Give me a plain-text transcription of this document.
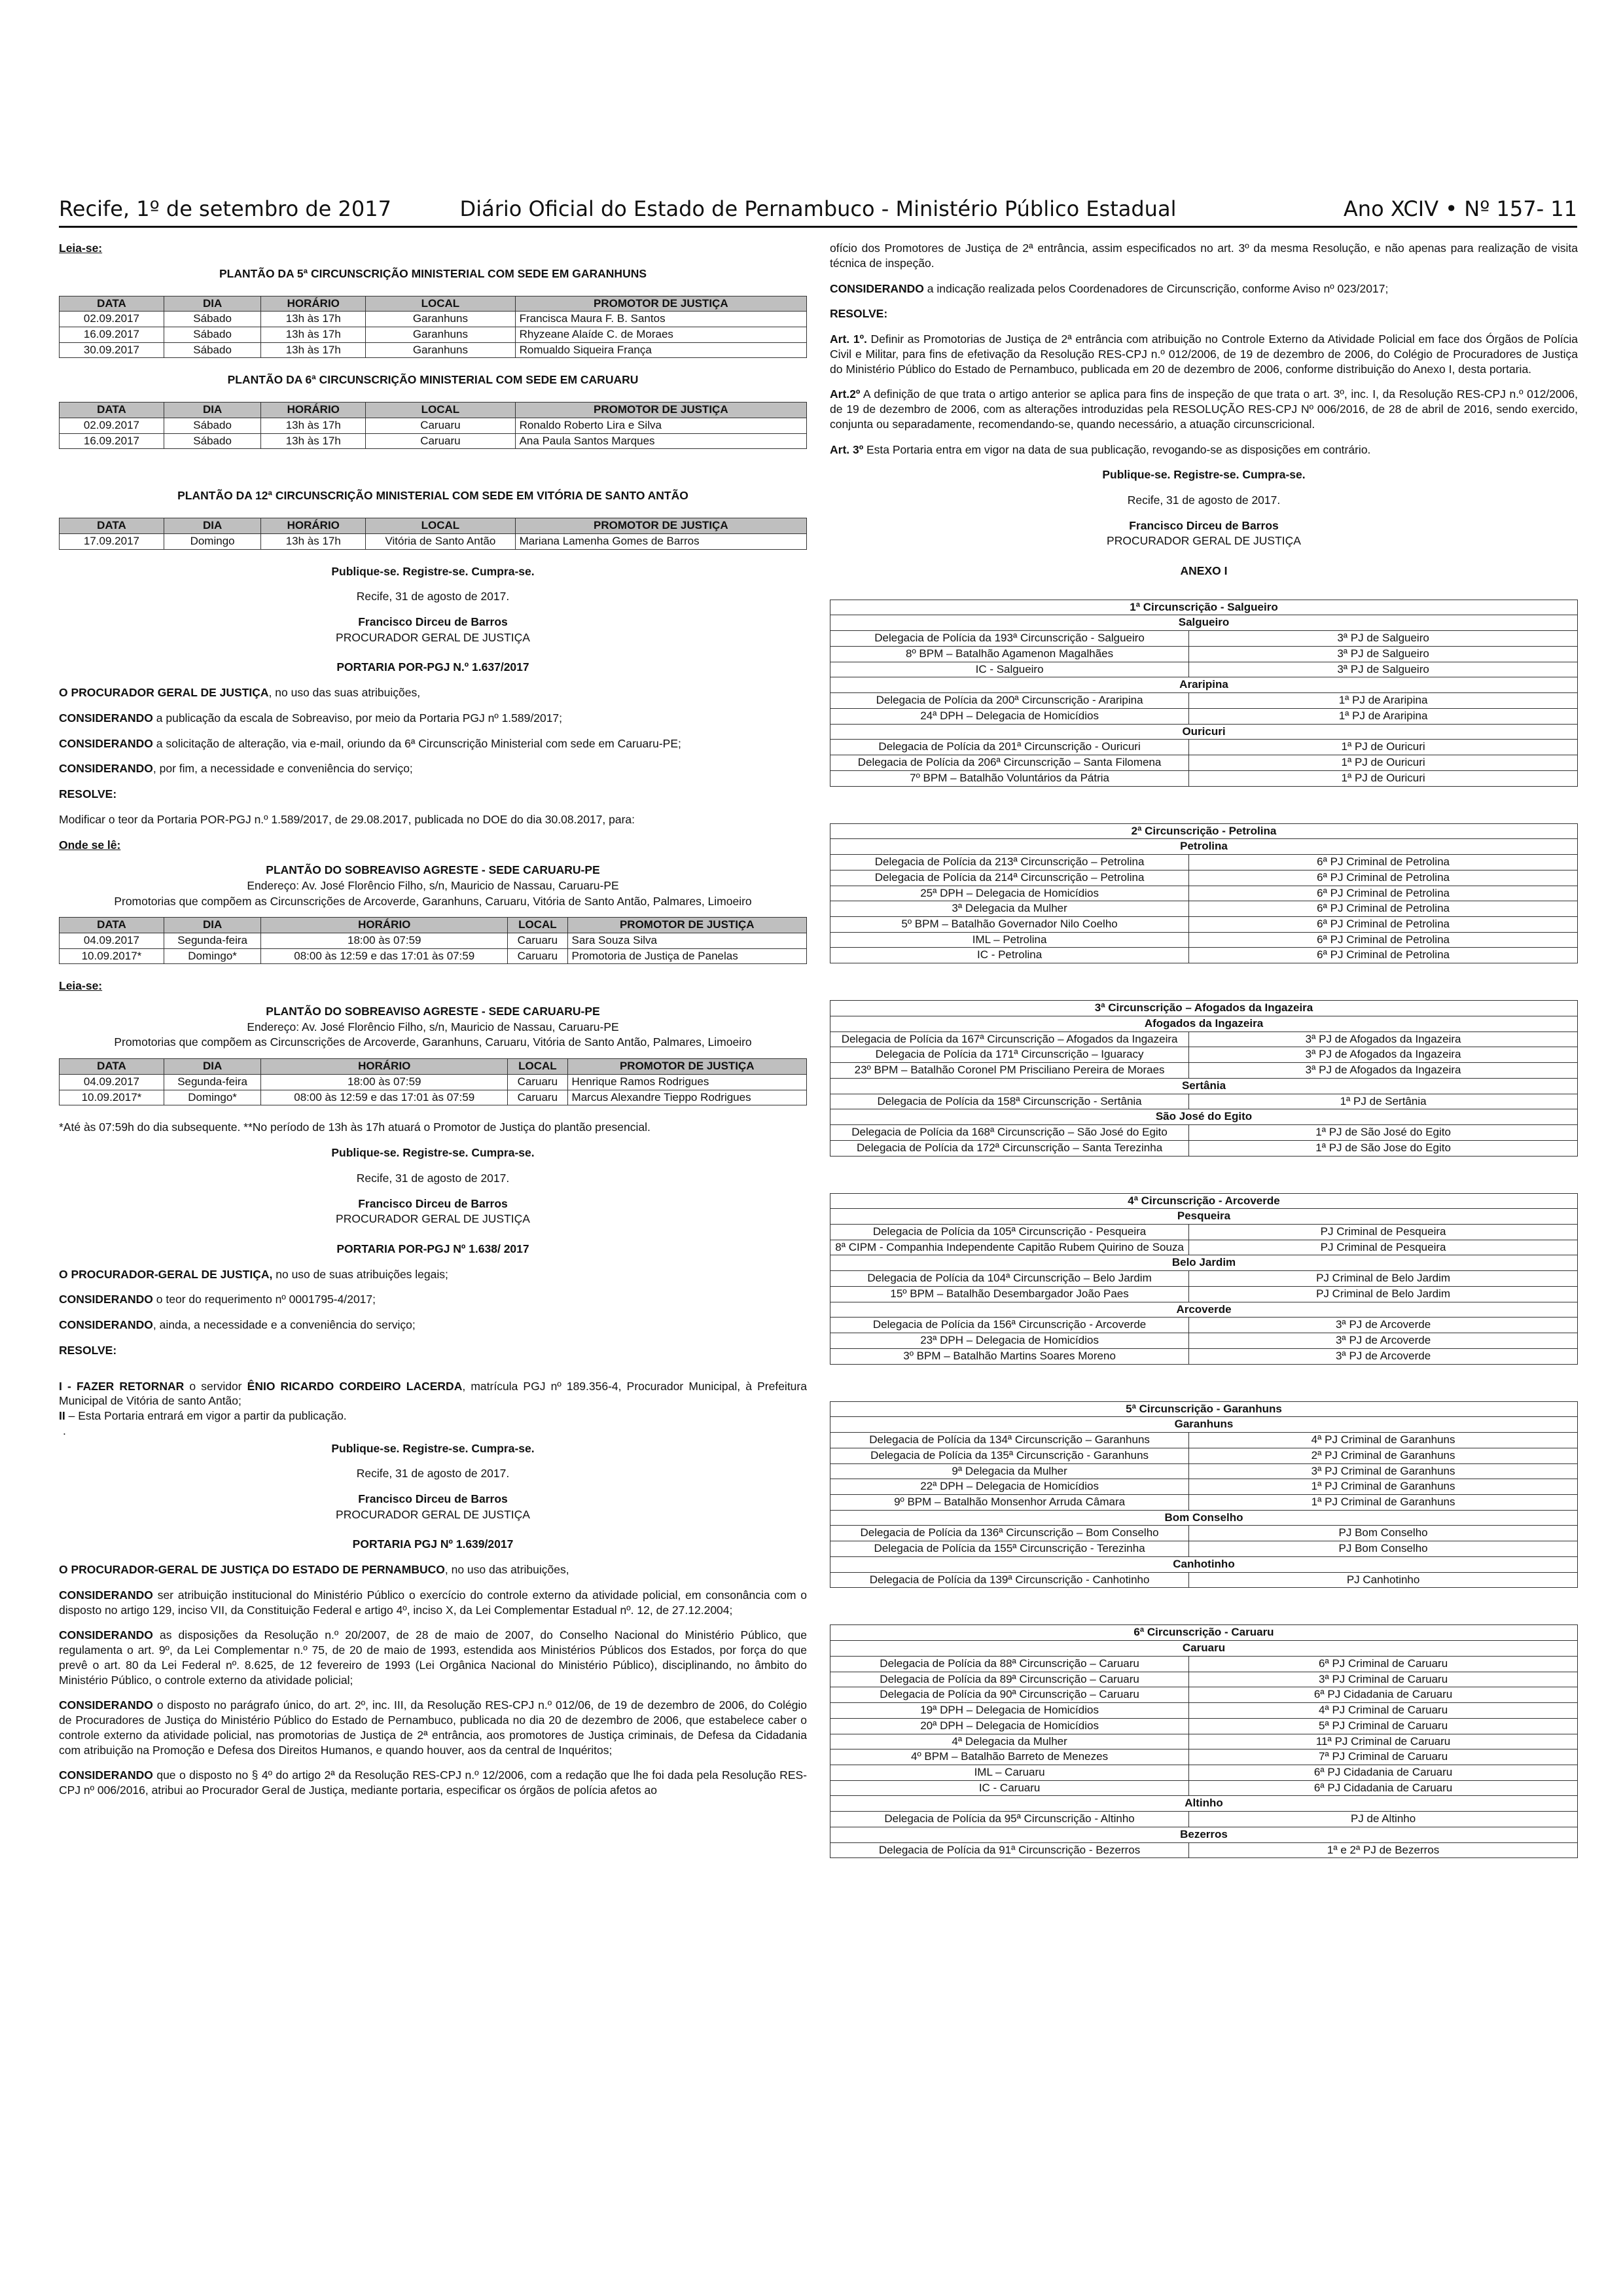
Recife, 1º de setembro de 2017	Diário Oficial do Estado de Pernambuco - Ministério Público Estadual	Ano XCIV • Nº 157- 11

Leia-se:

PLANTÃO DA 5ª CIRCUNSCRIÇÃO MINISTERIAL COM SEDE EM GARANHUNS
DATA	DIA	HORÁRIO	LOCAL	PROMOTOR DE JUSTIÇA
02.09.2017	Sábado	13h às 17h	Garanhuns	Francisca Maura F. B. Santos
16.09.2017	Sábado	13h às 17h	Garanhuns	Rhyzeane Alaíde C. de Moraes
30.09.2017	Sábado	13h às 17h	Garanhuns	Romualdo Siqueira França
PLANTÃO DA 6ª CIRCUNSCRIÇÃO MINISTERIAL COM SEDE EM CARUARU
DATA	DIA	HORÁRIO	LOCAL	PROMOTOR DE JUSTIÇA
02.09.2017	Sábado	13h às 17h	Caruaru	Ronaldo Roberto Lira e Silva
16.09.2017	Sábado	13h às 17h	Caruaru	Ana Paula Santos Marques
PLANTÃO DA 12ª CIRCUNSCRIÇÃO MINISTERIAL COM SEDE EM VITÓRIA DE SANTO ANTÃO
DATA	DIA	HORÁRIO	LOCAL	PROMOTOR DE JUSTIÇA
17.09.2017	Domingo	13h às 17h	Vitória de Santo Antão	Mariana Lamenha Gomes de Barros

Publique-se. Registre-se. Cumpra-se.

Recife, 31 de agosto de 2017.

Francisco Dirceu de Barros
PROCURADOR GERAL DE JUSTIÇA

PORTARIA POR-PGJ N.º 1.637/2017

O PROCURADOR GERAL DE JUSTIÇA, no uso das suas atribuições,

CONSIDERANDO a publicação da escala de Sobreaviso, por meio da Portaria PGJ nº 1.589/2017;

CONSIDERANDO a solicitação de alteração, via e-mail, oriundo da 6ª Circunscrição Ministerial com sede em Caruaru-PE;

CONSIDERANDO, por fim, a necessidade e conveniência do serviço;

RESOLVE:

Modificar o teor da Portaria POR-PGJ n.º 1.589/2017, de 29.08.2017, publicada no DOE do dia 30.08.2017, para:

Onde se lê:

PLANTÃO DO SOBREAVISO AGRESTE - SEDE CARUARU-PE
Endereço: Av. José Florêncio Filho, s/n, Mauricio de Nassau, Caruaru-PE
Promotorias que compõem as Circunscrições de Arcoverde, Garanhuns, Caruaru, Vitória de Santo Antão, Palmares, Limoeiro
DATA	DIA	HORÁRIO	LOCAL	PROMOTOR DE JUSTIÇA
04.09.2017	Segunda-feira	18:00 às 07:59	Caruaru	Sara Souza Silva
10.09.2017*	Domingo*	08:00 às 12:59 e das 17:01 às 07:59	Caruaru	Promotoria de Justiça de Panelas

Leia-se:

PLANTÃO DO SOBREAVISO AGRESTE - SEDE CARUARU-PE
Endereço: Av. José Florêncio Filho, s/n, Mauricio de Nassau, Caruaru-PE
Promotorias que compõem as Circunscrições de Arcoverde, Garanhuns, Caruaru, Vitória de Santo Antão, Palmares, Limoeiro
DATA	DIA	HORÁRIO	LOCAL	PROMOTOR DE JUSTIÇA
04.09.2017	Segunda-feira	18:00 às 07:59	Caruaru	Henrique Ramos Rodrigues
10.09.2017*	Domingo*	08:00 às 12:59 e das 17:01 às 07:59	Caruaru	Marcus Alexandre Tieppo Rodrigues

*Até às 07:59h do dia subsequente. **No período de 13h às 17h atuará o Promotor de Justiça do plantão presencial.

Publique-se. Registre-se. Cumpra-se.

Recife, 31 de agosto de 2017.

Francisco Dirceu de Barros
PROCURADOR GERAL DE JUSTIÇA

PORTARIA POR-PGJ Nº 1.638/ 2017

O PROCURADOR-GERAL DE JUSTIÇA, no uso de suas atribuições legais;

CONSIDERANDO o teor do requerimento nº 0001795-4/2017;

CONSIDERANDO, ainda, a necessidade e a conveniência do serviço;

RESOLVE:

I - FAZER RETORNAR o servidor ÊNIO RICARDO CORDEIRO LACERDA, matrícula PGJ nº 189.356-4, Procurador Municipal, à Prefeitura Municipal de Vitória de santo Antão;

II – Esta Portaria entrará em vigor a partir da publicação.

.

Publique-se. Registre-se. Cumpra-se.

Recife, 31 de agosto de 2017.

Francisco Dirceu de Barros
PROCURADOR GERAL DE JUSTIÇA

PORTARIA PGJ Nº 1.639/2017

O PROCURADOR-GERAL DE JUSTIÇA DO ESTADO DE PERNAMBUCO, no uso das atribuições,

CONSIDERANDO ser atribuição institucional do Ministério Público o exercício do controle externo da atividade policial, em consonância com o disposto no artigo 129, inciso VII, da Constituição Federal e artigo 4º, inciso X, da Lei Complementar Estadual nº. 12, de 27.12.2004;

CONSIDERANDO as disposições da Resolução n.º 20/2007, de 28 de maio de 2007, do Conselho Nacional do Ministério Público, que regulamenta o art. 9º, da Lei Complementar n.º 75, de 20 de maio de 1993, estendida aos Ministérios Públicos dos Estados, por força do que prevê o art. 80 da Lei Federal nº. 8.625, de 12 fevereiro de 1993 (Lei Orgânica Nacional do Ministério Público), disciplinando, no âmbito do Ministério Público, o controle externo da atividade policial;

CONSIDERANDO o disposto no parágrafo único, do art. 2º, inc. III, da Resolução RES-CPJ n.º 012/06, de 19 de dezembro de 2006, do Colégio de Procuradores de Justiça do Ministério Público do Estado de Pernambuco, publicada no dia 20 de dezembro de 2006, que estabelece caber o controle externo da atividade policial, nas promotorias de Justiça de 2ª entrância, aos promotores de Justiça criminais, de Defesa da Cidadania com atribuição na Promoção e Defesa dos Direitos Humanos, e quando houver, aos da central de Inquéritos;

CONSIDERANDO que o disposto no § 4º do artigo 2ª da Resolução RES-CPJ n.º 12/2006, com a redação que lhe foi dada pela Resolução RES-CPJ nº 006/2016, atribui ao Procurador Geral de Justiça, mediante portaria, especificar os órgãos de polícia afetos ao

ofício dos Promotores de Justiça de 2ª entrância, assim especificados no art. 3º da mesma Resolução, e não apenas para realização de visita técnica de inspeção.

CONSIDERANDO a indicação realizada pelos Coordenadores de Circunscrição, conforme Aviso nº 023/2017;

RESOLVE:

Art. 1º. Definir as Promotorias de Justiça de 2ª entrância com atribuição no Controle Externo da Atividade Policial em face dos Órgãos de Polícia Civil e Militar, para fins de efetivação da Resolução RES-CPJ n.º 012/2006, de 19 de dezembro de 2006, do Colégio de Procuradores de Justiça do Ministério Público do Estado de Pernambuco, publicada em 20 de dezembro de 2006, conforme distribuição do Anexo I, desta portaria.

Art.2º A definição de que trata o artigo anterior se aplica para fins de inspeção de que trata o art. 3º, inc. I, da Resolução RES-CPJ n.º 012/2006, de 19 de dezembro de 2006, com as alterações introduzidas pela RESOLUÇÃO RES-CPJ Nº 006/2016, de 28 de abril de 2016, sendo exercido, conjunta ou separadamente, recomendando-se, quando necessário, a atuação circunscricional.

Art. 3º Esta Portaria entra em vigor na data de sua publicação, revogando-se as disposições em contrário.

Publique-se. Registre-se. Cumpra-se.

Recife, 31 de agosto de 2017.

Francisco Dirceu de Barros
PROCURADOR GERAL DE JUSTIÇA

ANEXO I

1ª Circunscrição - Salgueiro	
Salgueiro	
Delegacia de Polícia da 193ª Circunscrição - Salgueiro	3ª PJ de Salgueiro
8º BPM – Batalhão Agamenon Magalhães	3ª PJ de Salgueiro
IC - Salgueiro	3ª PJ de Salgueiro
Araripina	
Delegacia de Polícia da 200ª Circunscrição - Araripina	1ª PJ de Araripina
24ª DPH – Delegacia de Homicídios	1ª PJ de Araripina
Ouricuri	
Delegacia de Polícia da 201ª Circunscrição - Ouricuri	1ª PJ de Ouricuri
Delegacia de Polícia da 206ª Circunscrição – Santa Filomena	1ª PJ de Ouricuri
7º BPM – Batalhão Voluntários da Pátria	1ª PJ de Ouricuri
2ª Circunscrição - Petrolina	
Petrolina	
Delegacia de Polícia da 213ª Circunscrição – Petrolina	6ª PJ Criminal de Petrolina
Delegacia de Polícia da 214ª Circunscrição – Petrolina	6ª PJ Criminal de Petrolina
25ª DPH – Delegacia de Homicídios	6ª PJ Criminal de Petrolina
3ª Delegacia da Mulher	6ª PJ Criminal de Petrolina
5º BPM – Batalhão Governador Nilo Coelho	6ª PJ Criminal de Petrolina
IML – Petrolina	6ª PJ Criminal de Petrolina
IC - Petrolina	6ª PJ Criminal de Petrolina
3ª Circunscrição – Afogados da Ingazeira	
Afogados da Ingazeira	
Delegacia de Polícia da 167ª Circunscrição – Afogados da Ingazeira	3ª PJ de Afogados da Ingazeira
Delegacia de Polícia da 171ª Circunscrição – Iguaracy	3ª PJ de Afogados da Ingazeira
23º BPM – Batalhão Coronel PM Prisciliano Pereira de Moraes	3ª PJ de Afogados da Ingazeira
Sertânia	
Delegacia de Polícia da 158ª Circunscrição - Sertânia	1ª PJ de Sertânia
São José do Egito	
Delegacia de Polícia da 168ª Circunscrição – São José do Egito	1ª PJ de São José do Egito
Delegacia de Polícia da 172ª Circunscrição – Santa Terezinha	1ª PJ de São Jose do Egito
4ª Circunscrição - Arcoverde	
Pesqueira	
Delegacia de Polícia da 105ª Circunscrição - Pesqueira	PJ Criminal de Pesqueira
8ª CIPM - Companhia Independente Capitão Rubem Quirino de Souza	PJ Criminal de Pesqueira
Belo Jardim	
Delegacia de Polícia da 104ª Circunscrição – Belo Jardim	PJ Criminal de Belo Jardim
15º BPM – Batalhão Desembargador João Paes	PJ Criminal de Belo Jardim
Arcoverde	
Delegacia de Polícia da 156ª Circunscrição - Arcoverde	3ª PJ de Arcoverde
23ª DPH – Delegacia de Homicídios	3ª PJ de Arcoverde
3º BPM – Batalhão Martins Soares Moreno	3ª PJ de Arcoverde
5ª Circunscrição - Garanhuns	
Garanhuns	
Delegacia de Polícia da 134ª Circunscrição – Garanhuns	4ª PJ Criminal de Garanhuns
Delegacia de Polícia da 135ª Circunscrição - Garanhuns	2ª PJ Criminal de Garanhuns
9ª Delegacia da Mulher	3ª PJ Criminal de Garanhuns
22ª DPH – Delegacia de Homicídios	1ª PJ Criminal de Garanhuns
9º BPM – Batalhão Monsenhor Arruda Câmara	1ª PJ Criminal de Garanhuns
Bom Conselho	
Delegacia de Polícia da 136ª Circunscrição – Bom Conselho	PJ Bom Conselho
Delegacia de Polícia da 155ª Circunscrição - Terezinha	PJ Bom Conselho
Canhotinho	
Delegacia de Polícia da 139ª Circunscrição - Canhotinho	PJ Canhotinho
6ª Circunscrição - Caruaru	
Caruaru	
Delegacia de Polícia da 88ª Circunscrição – Caruaru	6ª PJ Criminal de Caruaru
Delegacia de Polícia da 89ª Circunscrição – Caruaru	3ª PJ Criminal de Caruaru
Delegacia de Polícia da 90ª Circunscrição – Caruaru	6ª PJ Cidadania de Caruaru
19ª DPH – Delegacia de Homicídios	4ª PJ Criminal de Caruaru
20ª DPH – Delegacia de Homicídios	5ª PJ Criminal de Caruaru
4ª Delegacia da Mulher	11ª PJ Criminal de Caruaru
4º BPM – Batalhão Barreto de Menezes	7ª PJ Criminal de Caruaru
IML – Caruaru	6ª PJ Cidadania de Caruaru
IC - Caruaru	6ª PJ Cidadania de Caruaru
Altinho	
Delegacia de Polícia da 95ª Circunscrição - Altinho	PJ de Altinho
Bezerros	
Delegacia de Polícia da 91ª Circunscrição - Bezerros	1ª e 2ª PJ de Bezerros
